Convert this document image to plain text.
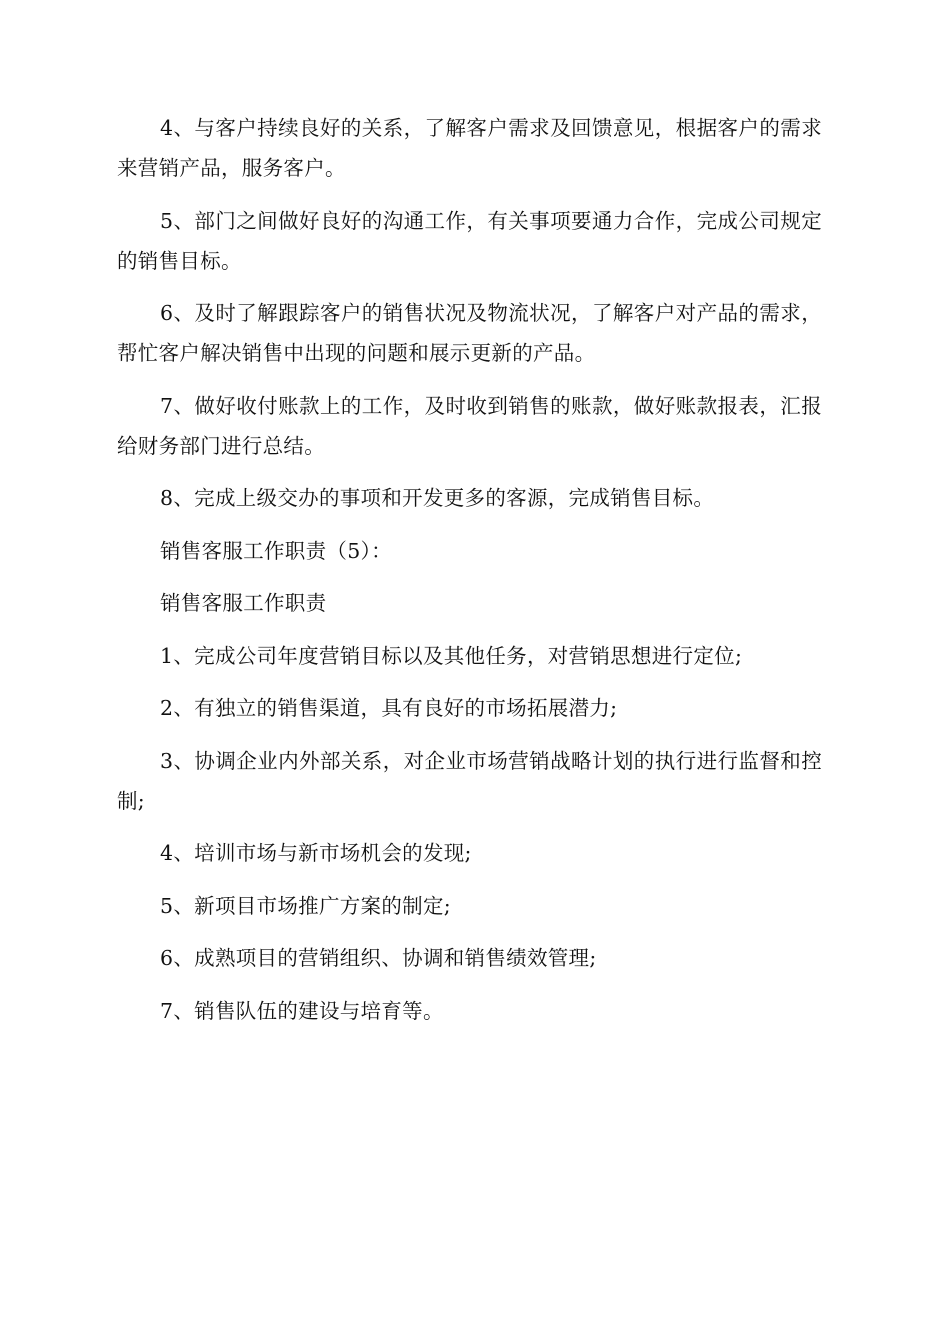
4、与客户持续良好的关系，了解客户需求及回馈意见，根据客户的需求来营销产品，服务客户。

5、部门之间做好良好的沟通工作，有关事项要通力合作，完成公司规定的销售目标。

6、及时了解跟踪客户的销售状况及物流状况，了解客户对产品的需求，帮忙客户解决销售中出现的问题和展示更新的产品。

7、做好收付账款上的工作，及时收到销售的账款，做好账款报表，汇报给财务部门进行总结。

8、完成上级交办的事项和开发更多的客源，完成销售目标。

销售客服工作职责（5）：

销售客服工作职责

1、完成公司年度营销目标以及其他任务，对营销思想进行定位;

2、有独立的销售渠道，具有良好的市场拓展潜力;

3、协调企业内外部关系，对企业市场营销战略计划的执行进行监督和控制;

4、培训市场与新市场机会的发现;

5、新项目市场推广方案的制定;

6、成熟项目的营销组织、协调和销售绩效管理;

7、销售队伍的建设与培育等。
